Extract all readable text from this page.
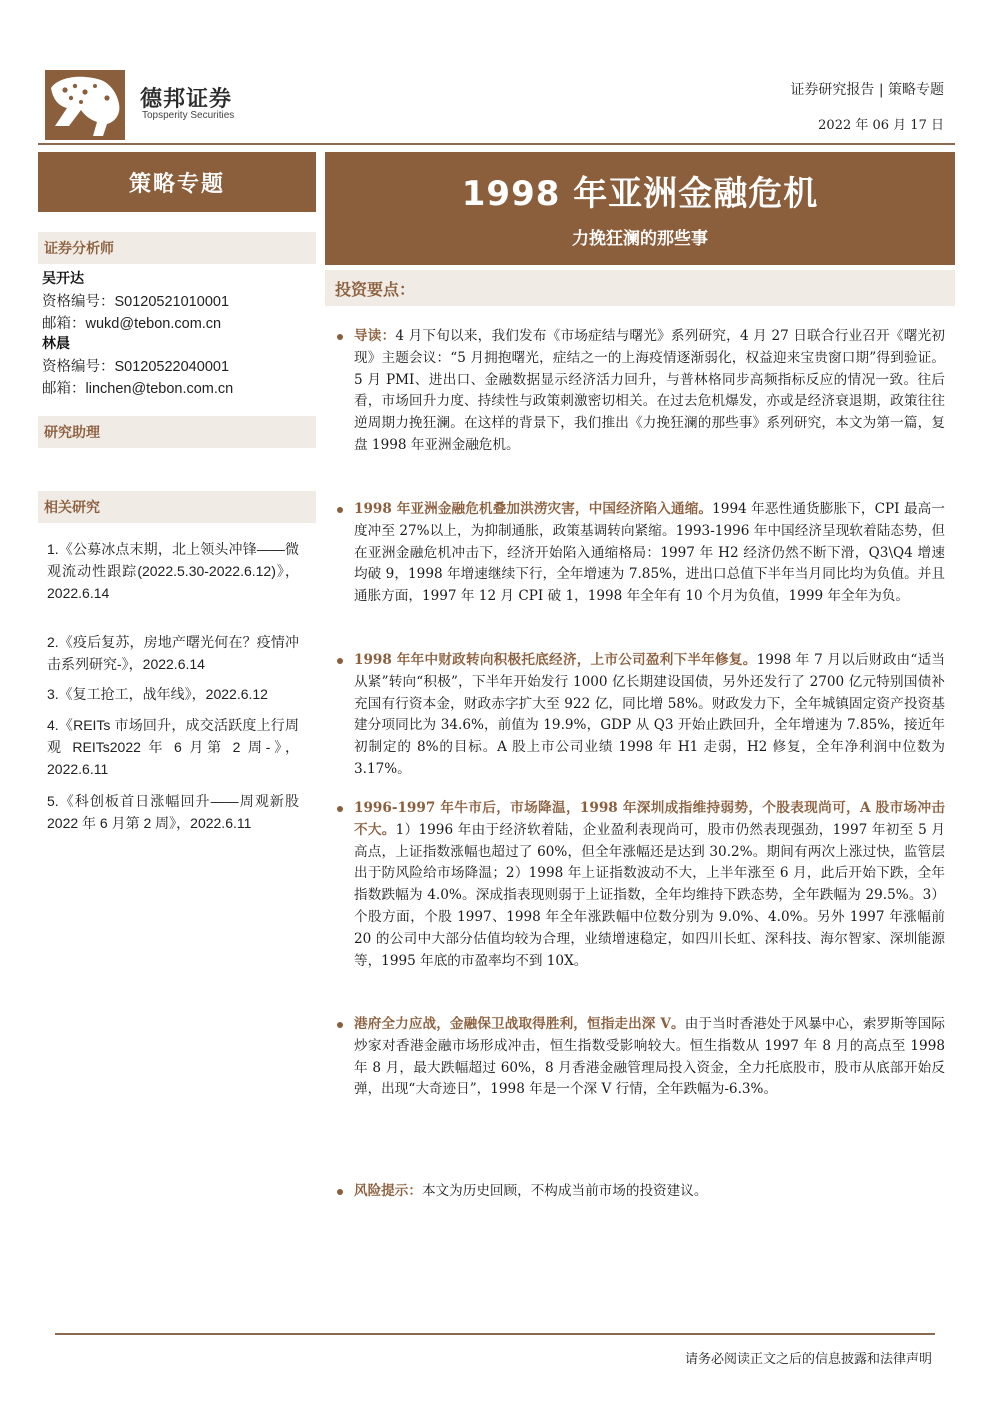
德邦证券
Topsperity Securities
证券研究报告 | 策略专题
2022 年 06 月 17 日
策略专题
证券分析师
吴开达
资格编号：S0120521010001
邮箱：wukd@tebon.com.cn
林晨
资格编号：S0120522040001
邮箱：linchen@tebon.com.cn
研究助理
相关研究
1.《公募冰点末期，北上领头冲锋——微观流动性跟踪(2022.5.30-2022.6.12)》，2022.6.14
2.《疫后复苏，房地产曙光何在？疫情冲击系列研究-》，2022.6.14
3.《复工抢工，战年线》，2022.6.12
4.《REITs 市场回升，成交活跃度上行周观 REITs2022 年 6 月第 2 周-》，2022.6.11
5.《科创板首日涨幅回升——周观新股 2022 年 6 月第 2 周》，2022.6.11
1998 年亚洲金融危机
力挽狂澜的那些事
投资要点：
导读：4 月下旬以来，我们发布《市场症结与曙光》系列研究，4 月 27 日联合行业召开《曙光初现》主题会议：“5 月拥抱曙光，症结之一的上海疫情逐渐弱化，权益迎来宝贵窗口期”得到验证。5 月 PMI、进出口、金融数据显示经济活力回升，与普林格同步高频指标反应的情况一致。往后看，市场回升力度、持续性与政策刺激密切相关。在过去危机爆发，亦或是经济衰退期，政策往往逆周期力挽狂澜。在这样的背景下，我们推出《力挽狂澜的那些事》系列研究，本文为第一篇，复盘 1998 年亚洲金融危机。
1998 年亚洲金融危机叠加洪涝灾害，中国经济陷入通缩。1994 年恶性通货膨胀下，CPI 最高一度冲至 27%以上，为抑制通胀，政策基调转向紧缩。1993-1996 年中国经济呈现软着陆态势，但在亚洲金融危机冲击下，经济开始陷入通缩格局：1997 年 H2 经济仍然不断下滑，Q3\Q4 增速均破 9，1998 年增速继续下行，全年增速为 7.85%，进出口总值下半年当月同比均为负值。并且通胀方面，1997 年 12 月 CPI 破 1，1998 年全年有 10 个月为负值，1999 年全年为负。
1998 年年中财政转向积极托底经济，上市公司盈利下半年修复。1998 年 7 月以后财政由“适当从紧”转向“积极”，下半年开始发行 1000 亿长期建设国债，另外还发行了 2700 亿元特别国债补充国有行资本金，财政赤字扩大至 922 亿，同比增 58%。财政发力下，全年城镇固定资产投资基建分项同比为 34.6%，前值为 19.9%，GDP 从 Q3 开始止跌回升，全年增速为 7.85%，接近年初制定的 8%的目标。A 股上市公司业绩 1998 年 H1 走弱，H2 修复，全年净利润中位数为 3.17%。
1996-1997 年牛市后，市场降温，1998 年深圳成指维持弱势，个股表现尚可，A 股市场冲击不大。1）1996 年由于经济软着陆，企业盈利表现尚可，股市仍然表现强劲，1997 年初至 5 月高点，上证指数涨幅也超过了 60%，但全年涨幅还是达到 30.2%。期间有两次上涨过快，监管层出于防风险给市场降温；2）1998 年上证指数波动不大，上半年涨至 6 月，此后开始下跌，全年指数跌幅为 4.0%。深成指表现则弱于上证指数，全年均维持下跌态势，全年跌幅为 29.5%。3）个股方面，个股 1997、1998 年全年涨跌幅中位数分别为 9.0%、4.0%。另外 1997 年涨幅前 20 的公司中大部分估值均较为合理，业绩增速稳定，如四川长虹、深科技、海尔智家、深圳能源等，1995 年底的市盈率均不到 10X。
港府全力应战，金融保卫战取得胜利，恒指走出深 V。由于当时香港处于风暴中心，索罗斯等国际炒家对香港金融市场形成冲击，恒生指数受影响较大。恒生指数从 1997 年 8 月的高点至 1998 年 8 月，最大跌幅超过 60%，8 月香港金融管理局投入资金，全力托底股市，股市从底部开始反弹，出现“大奇迹日”，1998 年是一个深 V 行情，全年跌幅为-6.3%。
风险提示：本文为历史回顾，不构成当前市场的投资建议。
请务必阅读正文之后的信息披露和法律声明
